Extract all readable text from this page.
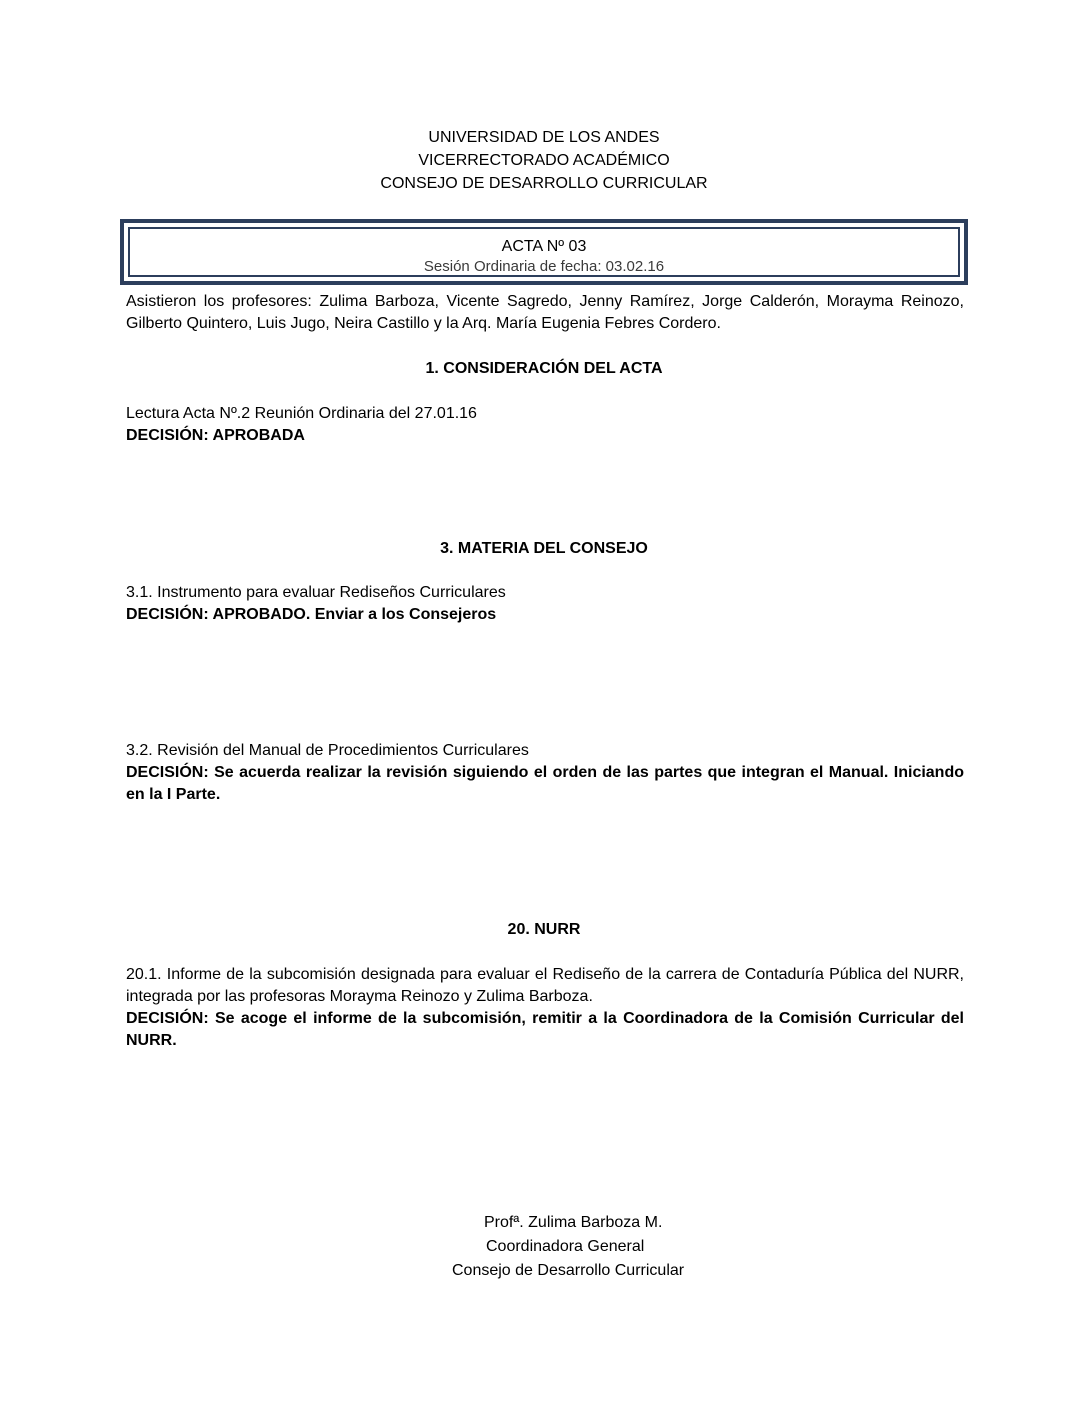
UNIVERSIDAD DE LOS ANDES
VICERRECTORADO ACADÉMICO
CONSEJO DE DESARROLLO CURRICULAR
ACTA Nº 03
Sesión Ordinaria de fecha: 03.02.16
Asistieron los profesores: Zulima Barboza, Vicente Sagredo, Jenny Ramírez, Jorge Calderón, Morayma Reinozo, Gilberto Quintero, Luis Jugo, Neira Castillo y la Arq. María Eugenia Febres Cordero.
1. CONSIDERACIÓN DEL ACTA
Lectura Acta Nº.2 Reunión Ordinaria del 27.01.16
DECISIÓN: APROBADA
3. MATERIA DEL CONSEJO
3.1. Instrumento para evaluar Rediseños Curriculares
DECISIÓN: APROBADO. Enviar a los Consejeros
3.2. Revisión del Manual de Procedimientos Curriculares
DECISIÓN: Se acuerda realizar la revisión siguiendo el orden de las partes que integran el Manual. Iniciando en la I Parte.
20. NURR
20.1. Informe de la subcomisión designada para evaluar el Rediseño de la carrera de Contaduría Pública del NURR, integrada por las profesoras Morayma Reinozo y Zulima Barboza.
DECISIÓN: Se acoge el informe de la subcomisión, remitir a la Coordinadora de la Comisión Curricular del NURR.
Profª. Zulima Barboza M.
Coordinadora General
Consejo de Desarrollo Curricular
